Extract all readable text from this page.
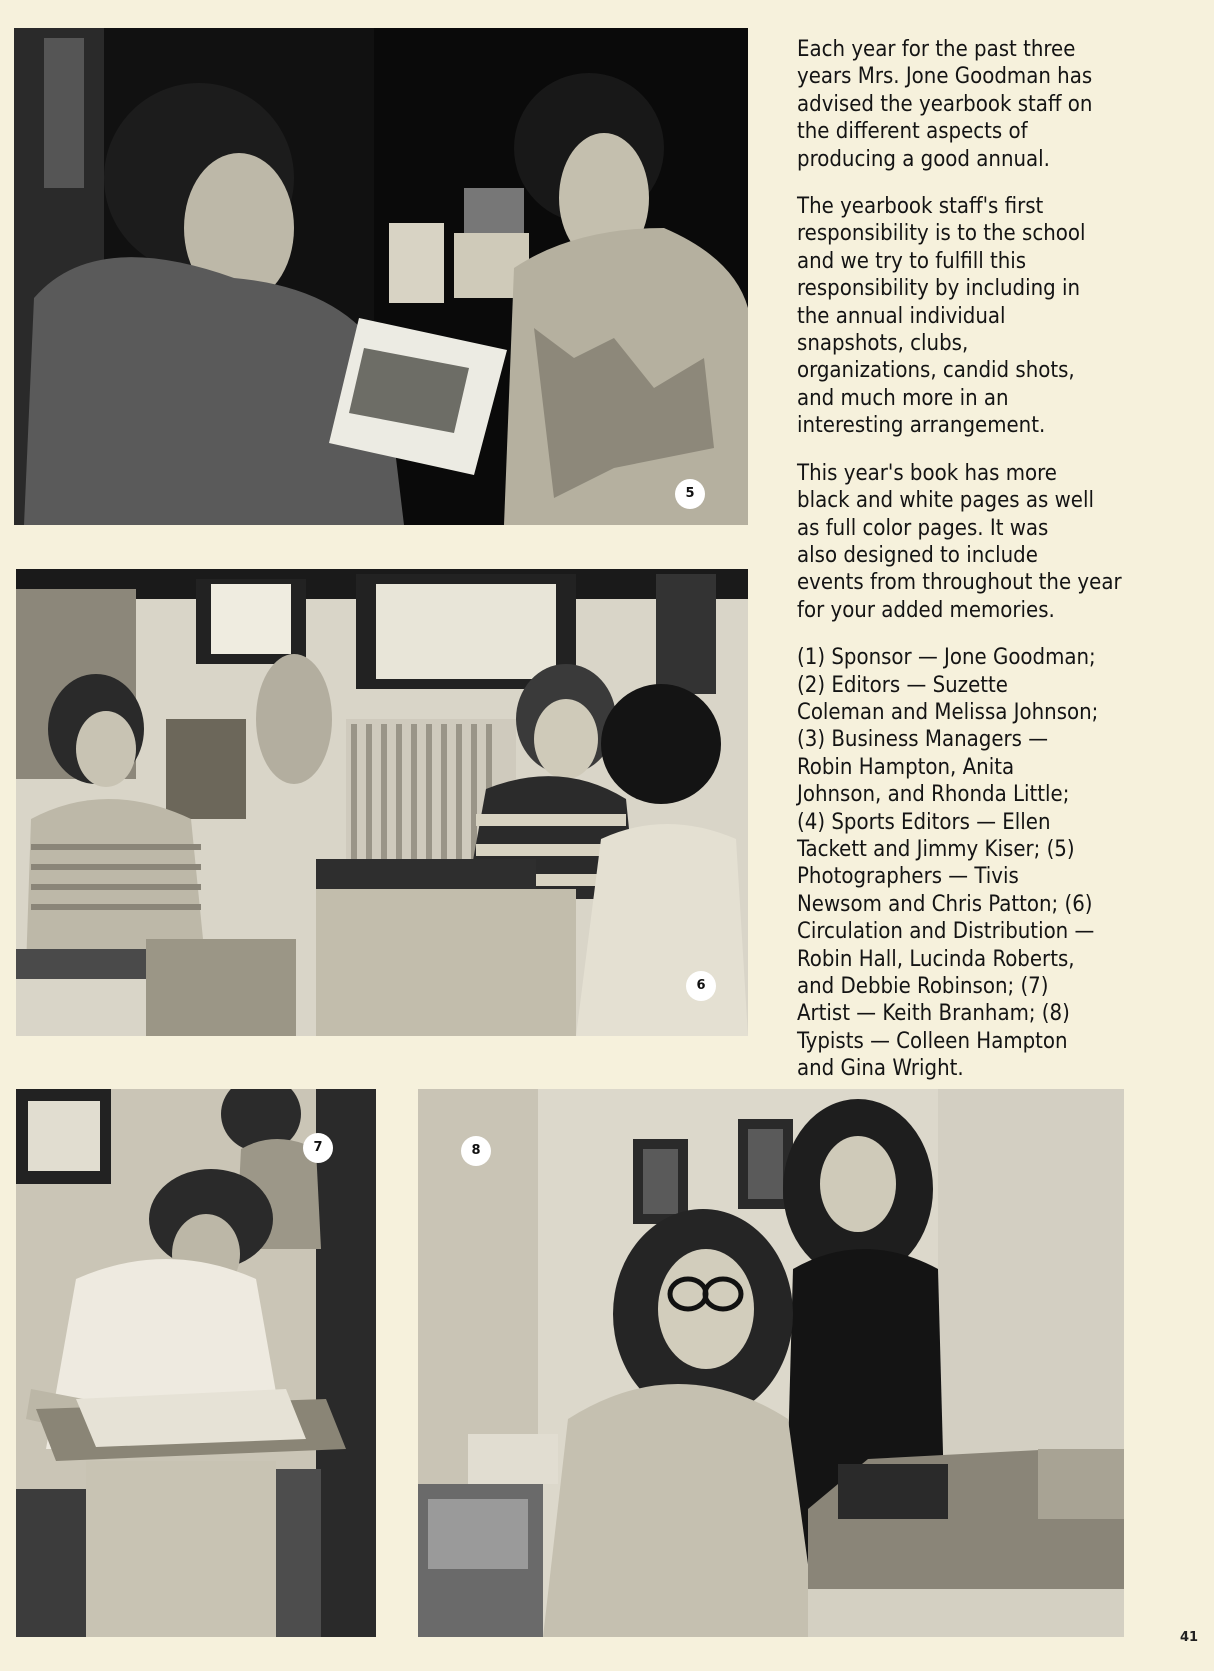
5
6
7	8

Each year for the past three
years Mrs. Jone Goodman has
advised the yearbook staff on
the different aspects of
producing a good annual.

The yearbook staff's first
responsibility is to the school
and we try to fulfill this
responsibility by including in
the annual individual
snapshots, clubs,
organizations, candid shots,
and much more in an
interesting arrangement.

This year's book has more
black and white pages as well
as full color pages. It was
also designed to include
events from throughout the year
for your added memories.

(1) Sponsor — Jone Goodman;
(2) Editors — Suzette
Coleman and Melissa Johnson;
(3) Business Managers —
Robin Hampton, Anita
Johnson, and Rhonda Little;
(4) Sports Editors — Ellen
Tackett and Jimmy Kiser; (5)
Photographers — Tivis
Newsom and Chris Patton; (6)
Circulation and Distribution —
Robin Hall, Lucinda Roberts,
and Debbie Robinson; (7)
Artist — Keith Branham; (8)
Typists — Colleen Hampton
and Gina Wright.

41
